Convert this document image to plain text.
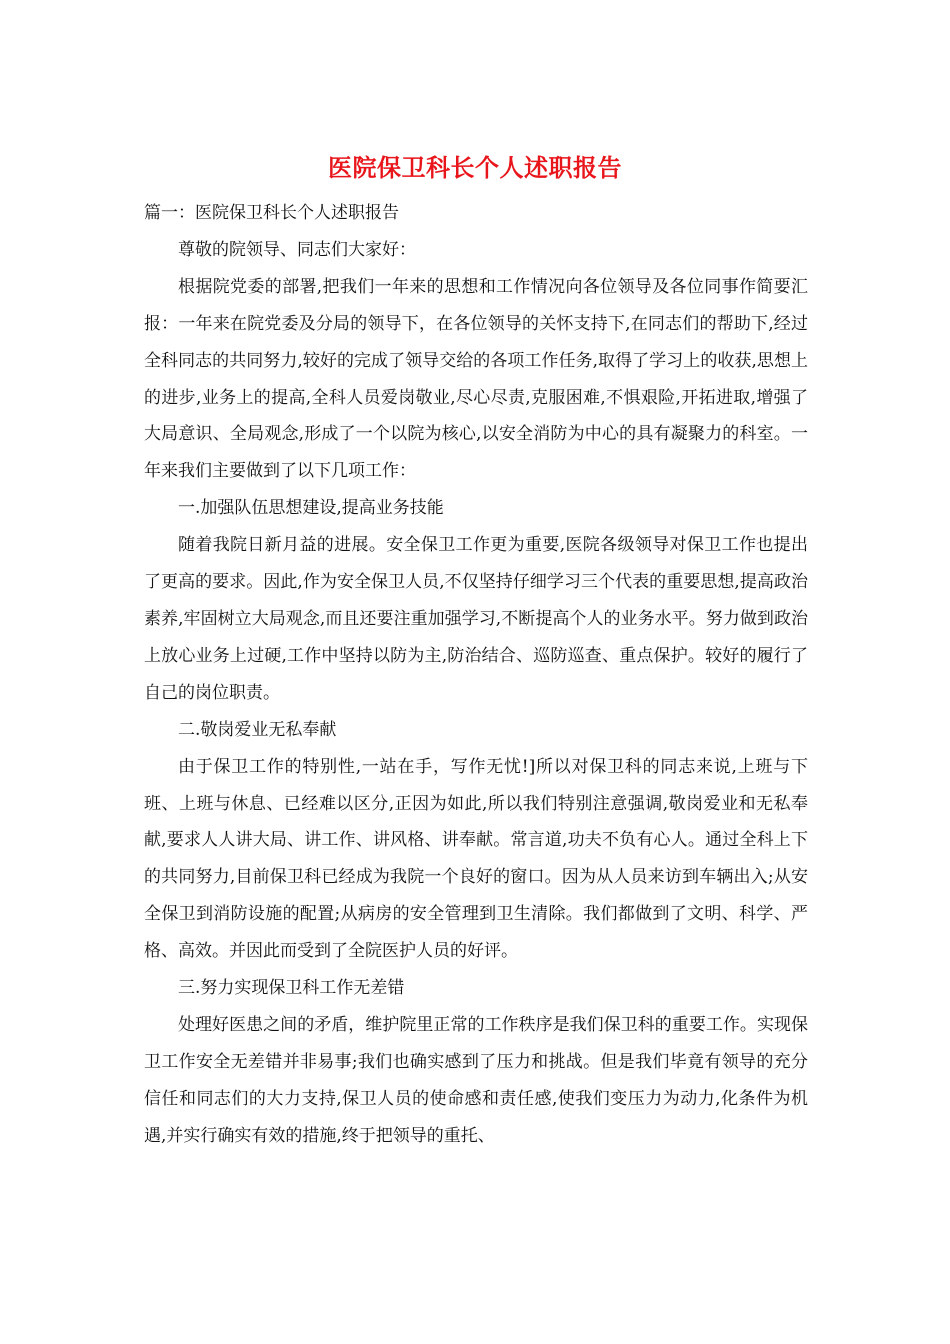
医院保卫科长个人述职报告

篇一：医院保卫科长个人述职报告

尊敬的院领导、同志们大家好：

根据院党委的部署,把我们一年来的思想和工作情况向各位领导及各位同事作简要汇报：一年来在院党委及分局的领导下，在各位领导的关怀支持下,在同志们的帮助下,经过全科同志的共同努力,较好的完成了领导交给的各项工作任务,取得了学习上的收获,思想上的进步,业务上的提高,全科人员爱岗敬业,尽心尽责,克服困难,不惧艰险,开拓进取,增强了大局意识、全局观念,形成了一个以院为核心,以安全消防为中心的具有凝聚力的科室。一年来我们主要做到了以下几项工作：

一.加强队伍思想建设,提高业务技能

随着我院日新月益的进展。安全保卫工作更为重要,医院各级领导对保卫工作也提出了更高的要求。因此,作为安全保卫人员,不仅坚持仔细学习三个代表的重要思想,提高政治素养,牢固树立大局观念,而且还要注重加强学习,不断提高个人的业务水平。努力做到政治上放心业务上过硬,工作中坚持以防为主,防治结合、巡防巡查、重点保护。较好的履行了自己的岗位职责。

二.敬岗爱业无私奉献

由于保卫工作的特别性,一站在手，写作无忧!]所以对保卫科的同志来说,上班与下班、上班与休息、已经难以区分,正因为如此,所以我们特别注意强调,敬岗爱业和无私奉献,要求人人讲大局、讲工作、讲风格、讲奉献。常言道,功夫不负有心人。通过全科上下的共同努力,目前保卫科已经成为我院一个良好的窗口。因为从人员来访到车辆出入;从安全保卫到消防设施的配置;从病房的安全管理到卫生清除。我们都做到了文明、科学、严格、高效。并因此而受到了全院医护人员的好评。

三.努力实现保卫科工作无差错

处理好医患之间的矛盾，维护院里正常的工作秩序是我们保卫科的重要工作。实现保卫工作安全无差错并非易事;我们也确实感到了压力和挑战。但是我们毕竟有领导的充分信任和同志们的大力支持,保卫人员的使命感和责任感,使我们变压力为动力,化条件为机遇,并实行确实有效的措施,终于把领导的重托、
